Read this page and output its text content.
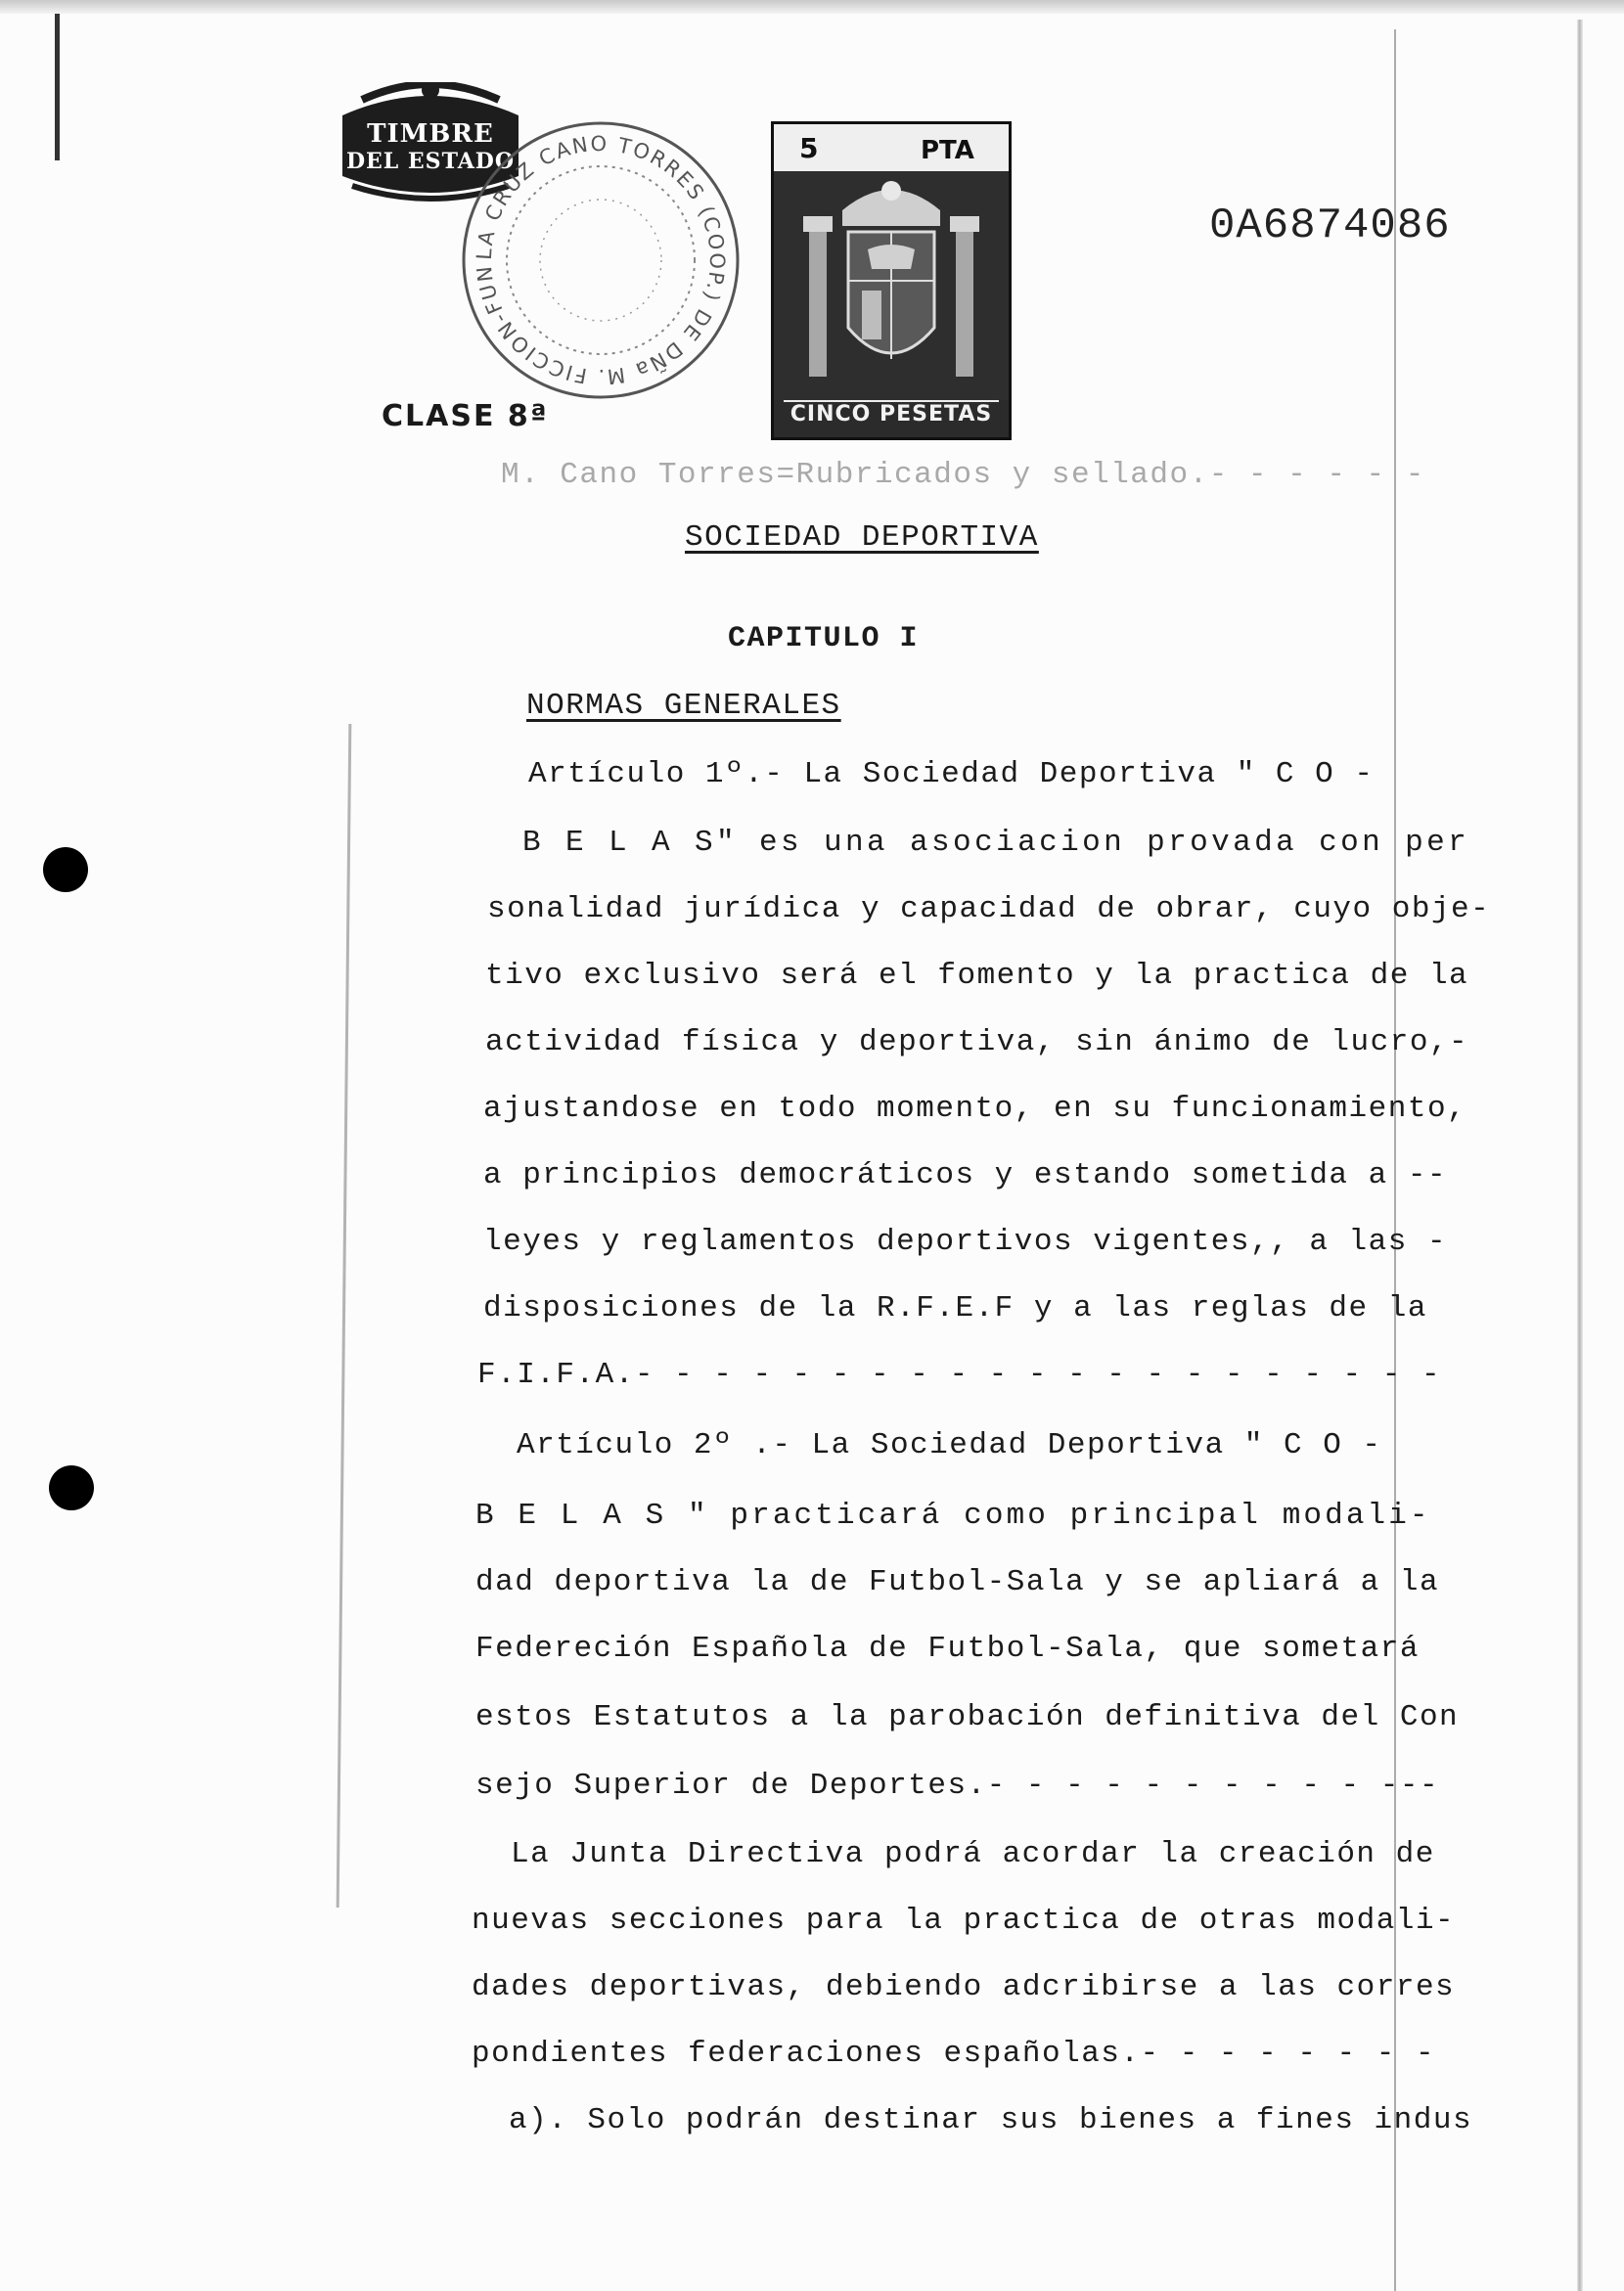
TIMBRE
DEL ESTADO
LA CRUZ CANO TORRES (COOP.) DE DÑa M. FICCION-FUN
5	PTA
CINCO PESETAS
CLASE 8ª
0A6874086
M. Cano Torres=Rubricados y sellado.- - - - - -
SOCIEDAD DEPORTIVA
CAPITULO I
NORMAS GENERALES
Artículo 1º.- La Sociedad Deportiva " C O -
B E L A S" es una asociacion provada con per
sonalidad jurídica y capacidad de obrar, cuyo obje-
tivo exclusivo será el fomento y la practica de la
actividad física y deportiva, sin ánimo de lucro,-
ajustandose en todo momento, en su funcionamiento,
a principios democráticos y estando sometida a --
leyes y reglamentos deportivos vigentes,, a las -
disposiciones de la R.F.E.F y a las reglas de la
F.I.F.A.- - - - - - - - - - - - - - - - - - - - -
Artículo 2º .- La Sociedad Deportiva " C O -
B E L A S " practicará como principal modali-
dad deportiva la de Futbol-Sala y se apliará a la
Federeción Española de Futbol-Sala, que sometará
estos Estatutos a la parobación definitiva del Con
sejo Superior de Deportes.- - - - - - - - - - ---
La Junta Directiva podrá acordar la creación de
nuevas secciones para la practica de otras modali-
dades deportivas, debiendo adcribirse a las corres
pondientes federaciones españolas.- - - - - - - -
a). Solo podrán destinar sus bienes a fines indus
